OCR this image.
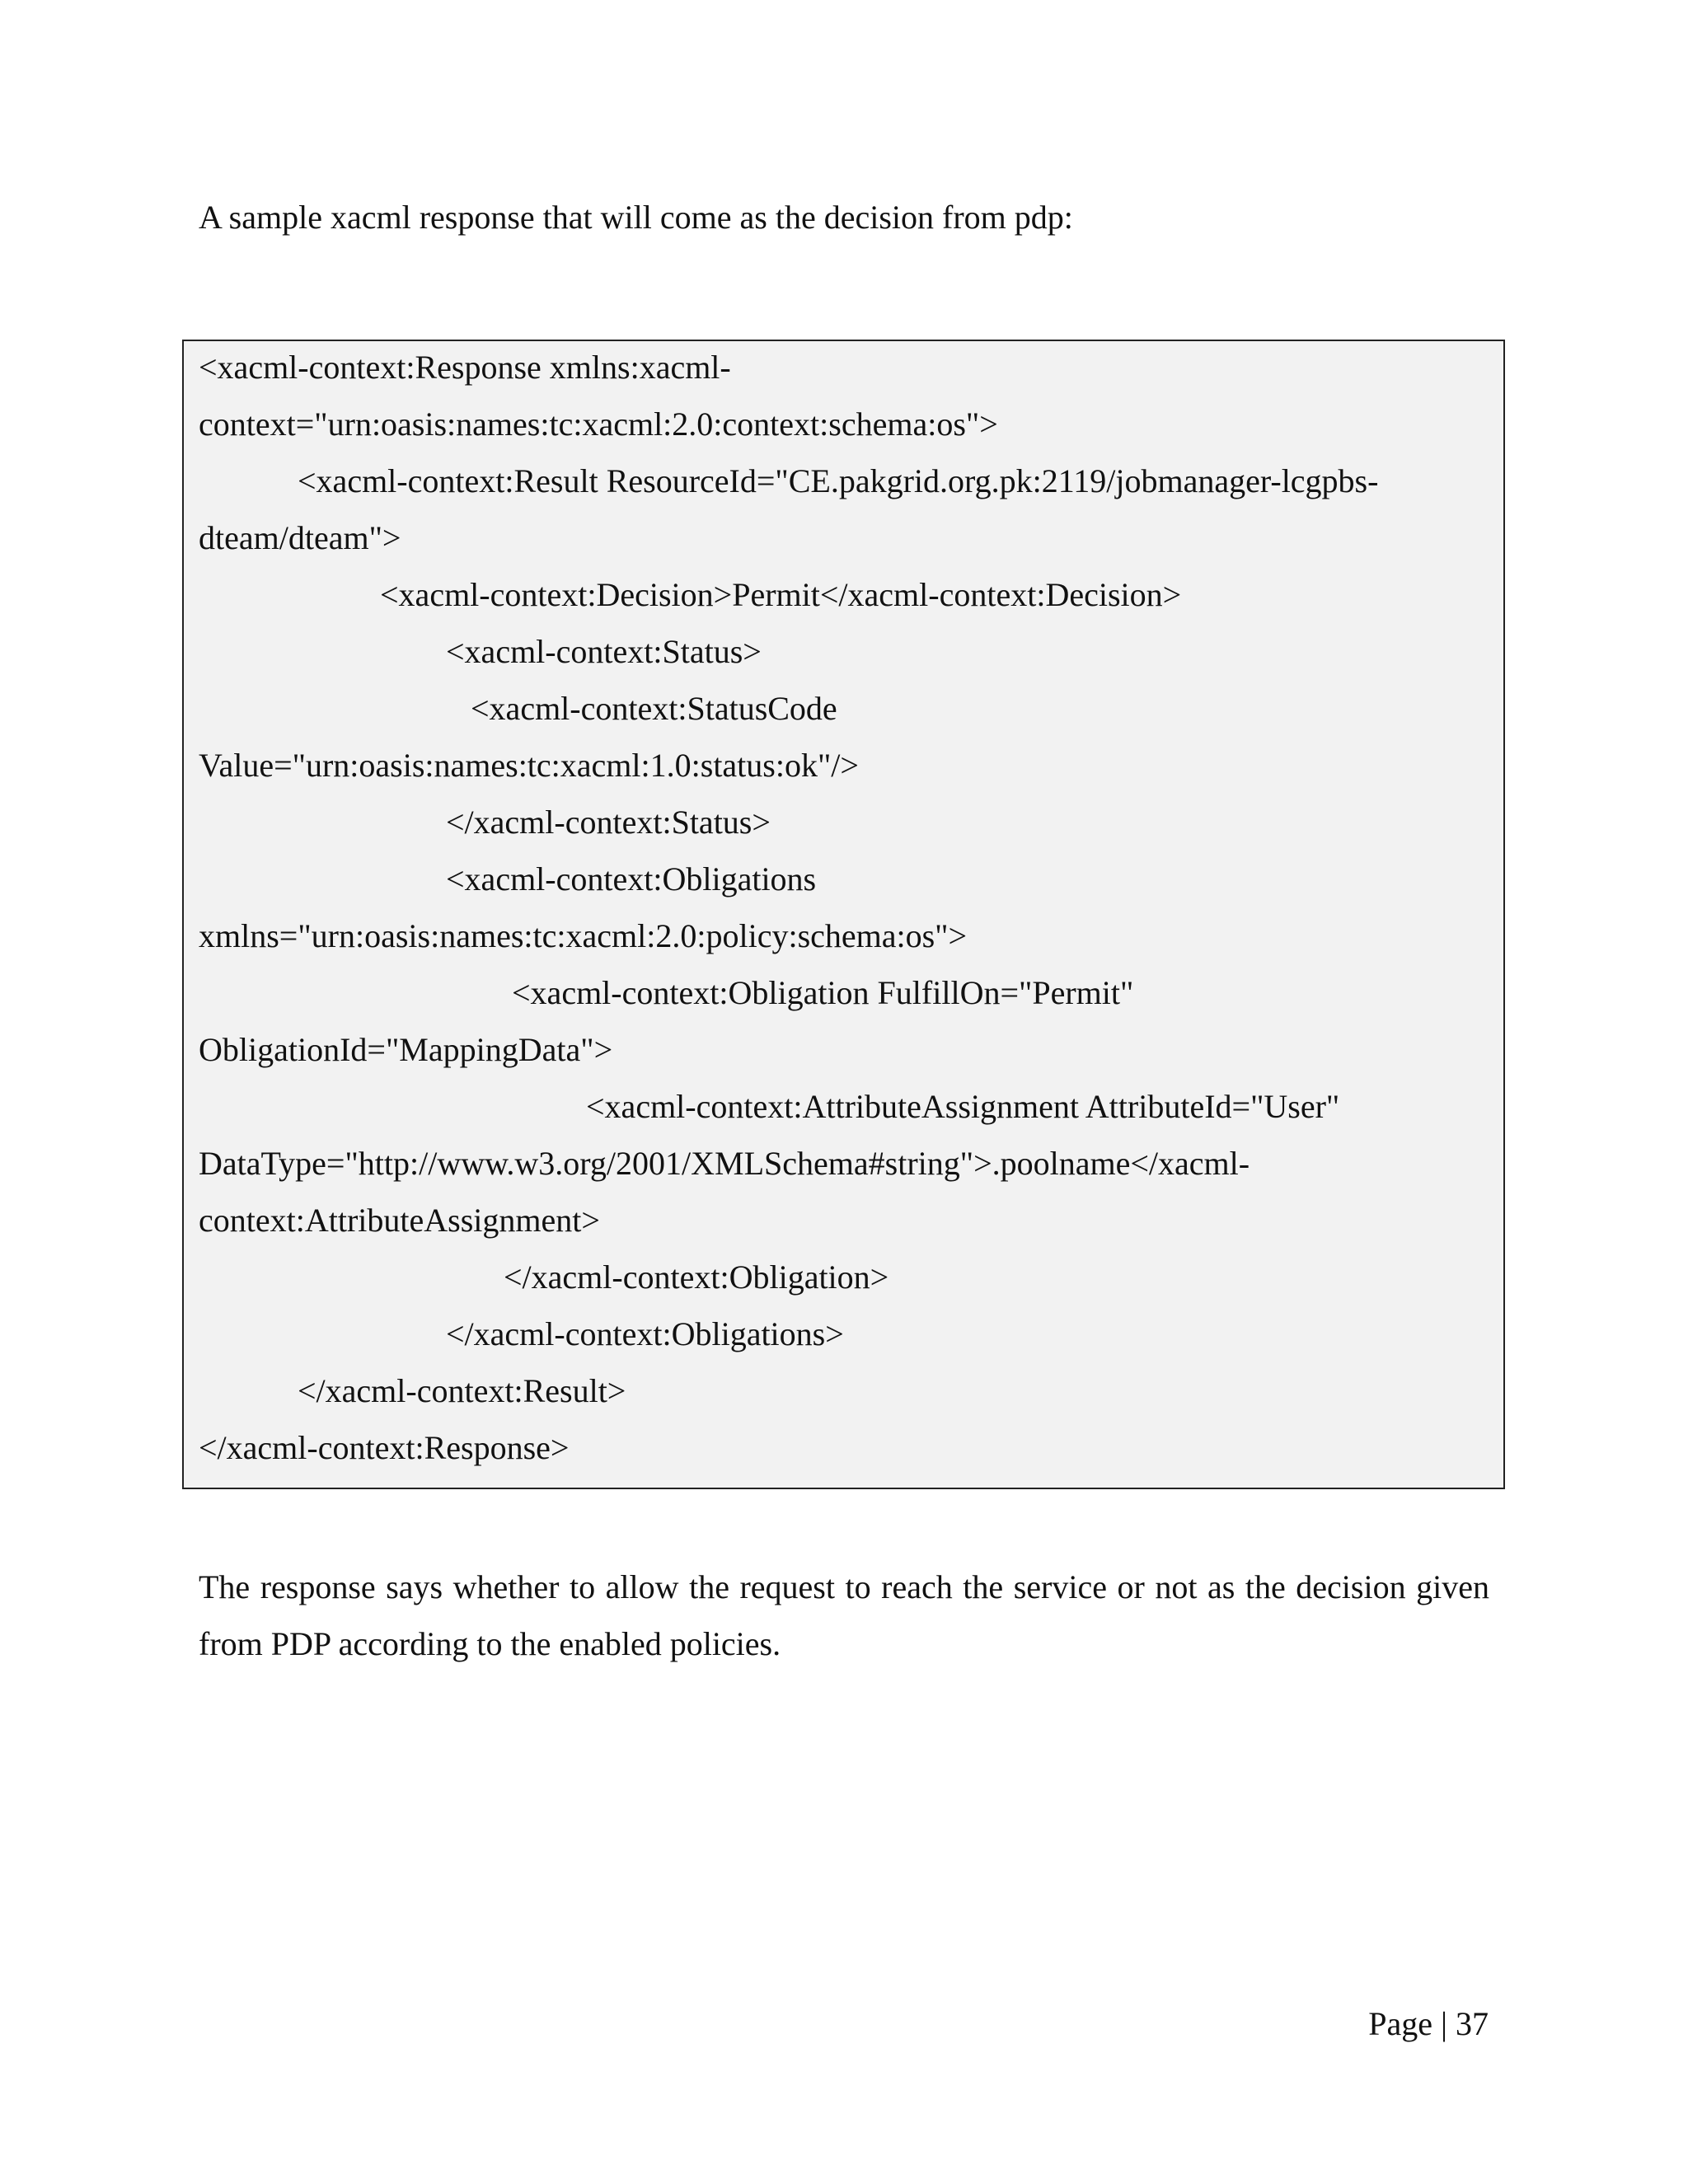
A sample xacml response that will come as the decision from pdp:
<xacml-context:Response xmlns:xacml-
context="urn:oasis:names:tc:xacml:2.0:context:schema:os">
<xacml-context:Result ResourceId="CE.pakgrid.org.pk:2119/jobmanager-lcgpbs-
dteam/dteam">
<xacml-context:Decision>Permit</xacml-context:Decision>
<xacml-context:Status>
<xacml-context:StatusCode
Value="urn:oasis:names:tc:xacml:1.0:status:ok"/>
</xacml-context:Status>
<xacml-context:Obligations
xmlns="urn:oasis:names:tc:xacml:2.0:policy:schema:os">
<xacml-context:Obligation FulfillOn="Permit"
ObligationId="MappingData">
<xacml-context:AttributeAssignment AttributeId="User"
DataType="http://www.w3.org/2001/XMLSchema#string">.poolname</xacml-
context:AttributeAssignment>
</xacml-context:Obligation>
</xacml-context:Obligations>
</xacml-context:Result>
</xacml-context:Response>
The response says whether to allow the request to reach the service or not as the decision given
from PDP according to the enabled policies.
Page | 37
